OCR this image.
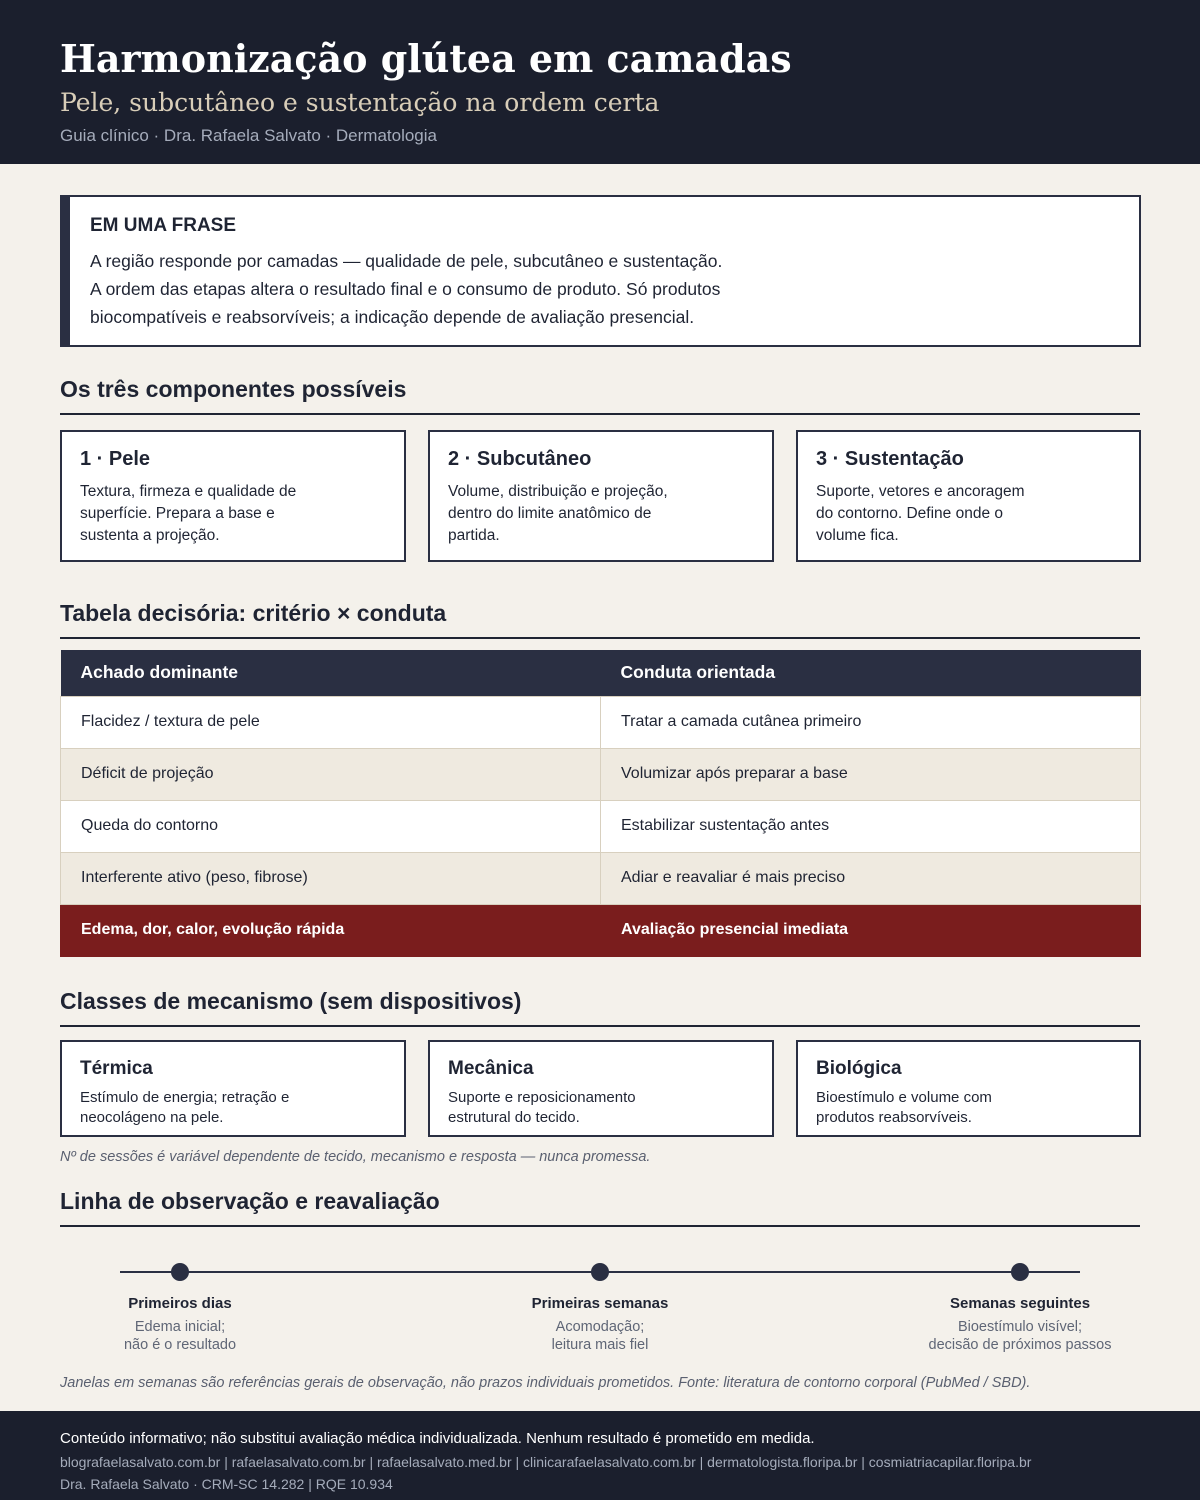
Harmonização glútea em camadas
Pele, subcutâneo e sustentação na ordem certa
Guia clínico · Dra. Rafaela Salvato · Dermatologia
EM UMA FRASE

A região responde por camadas — qualidade de pele, subcutâneo e sustentação.
A ordem das etapas altera o resultado final e o consumo de produto. Só produtos
biocompatíveis e reabsorvíveis; a indicação depende de avaliação presencial.

Os três componentes possíveis
1 · Pele
Textura, firmeza e qualidade de superfície. Prepara a base e sustenta a projeção.
2 · Subcutâneo
Volume, distribuição e projeção, dentro do limite anatômico de partida.
3 · Sustentação
Suporte, vetores e ancoragem do contorno. Define onde o volume fica.
Tabela decisória: critério × conduta
Achado dominante	Conduta orientada
Flacidez / textura de pele	Tratar a camada cutânea primeiro
Déficit de projeção	Volumizar após preparar a base
Queda do contorno	Estabilizar sustentação antes
Interferente ativo (peso, fibrose)	Adiar e reavaliar é mais preciso
Edema, dor, calor, evolução rápida	Avaliação presencial imediata
Classes de mecanismo (sem dispositivos)
Térmica
Estímulo de energia; retração e neocolágeno na pele.
Mecânica
Suporte e reposicionamento estrutural do tecido.
Biológica
Bioestímulo e volume com produtos reabsorvíveis.
Nº de sessões é variável dependente de tecido, mecanismo e resposta — nunca promessa.
Linha de observação e reavaliação
Primeiros dias
Edema inicial;
não é o resultado
Primeiras semanas
Acomodação;
leitura mais fiel
Semanas seguintes
Bioestímulo visível;
decisão de próximos passos
Janelas em semanas são referências gerais de observação, não prazos individuais prometidos. Fonte: literatura de contorno corporal (PubMed / SBD).
Conteúdo informativo; não substitui avaliação médica individualizada. Nenhum resultado é prometido em medida.
blografaelasalvato.com.br | rafaelasalvato.com.br | rafaelasalvato.med.br | clinicarafaelasalvato.com.br | dermatologista.floripa.br | cosmiatriacapilar.floripa.br
Dra. Rafaela Salvato · CRM-SC 14.282 | RQE 10.934
